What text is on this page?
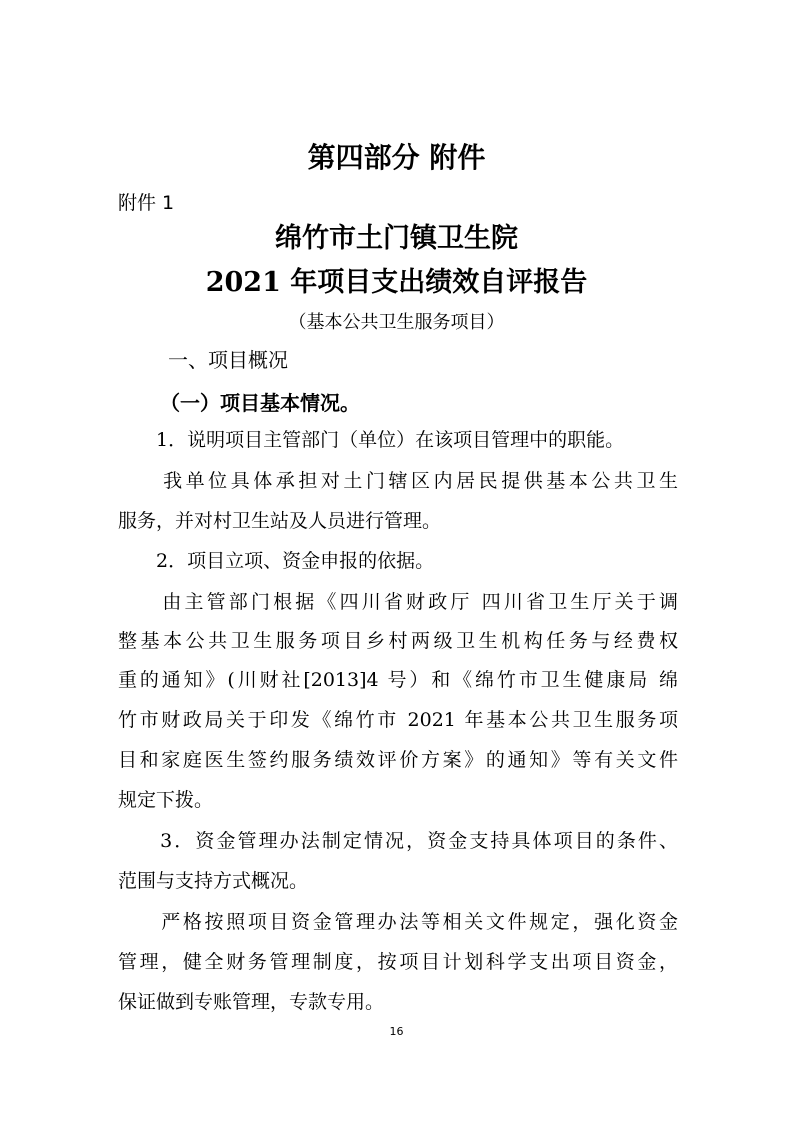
第四部分 附件
附件 1
绵竹市土门镇卫生院
2021 年项目支出绩效自评报告
（基本公共卫生服务项目）
一、项目概况
（一）项目基本情况。
　　1．说明项目主管部门（单位）在该项目管理中的职能。
　　我单位具体承担对土门辖区内居民提供基本公共卫生
服务，并对村卫生站及人员进行管理。
　　2．项目立项、资金申报的依据。
　　由主管部门根据《四川省财政厅 四川省卫生厅关于调
整基本公共卫生服务项目乡村两级卫生机构任务与经费权
重的通知》(川财社[2013]4 号）和《绵竹市卫生健康局 绵
竹市财政局关于印发《绵竹市 2021 年基本公共卫生服务项
目和家庭医生签约服务绩效评价方案》的通知》等有关文件
规定下拨。
　　3．资金管理办法制定情况，资金支持具体项目的条件、
范围与支持方式概况。
　　严格按照项目资金管理办法等相关文件规定，强化资金
管理，健全财务管理制度，按项目计划科学支出项目资金，
保证做到专账管理，专款专用。
16
